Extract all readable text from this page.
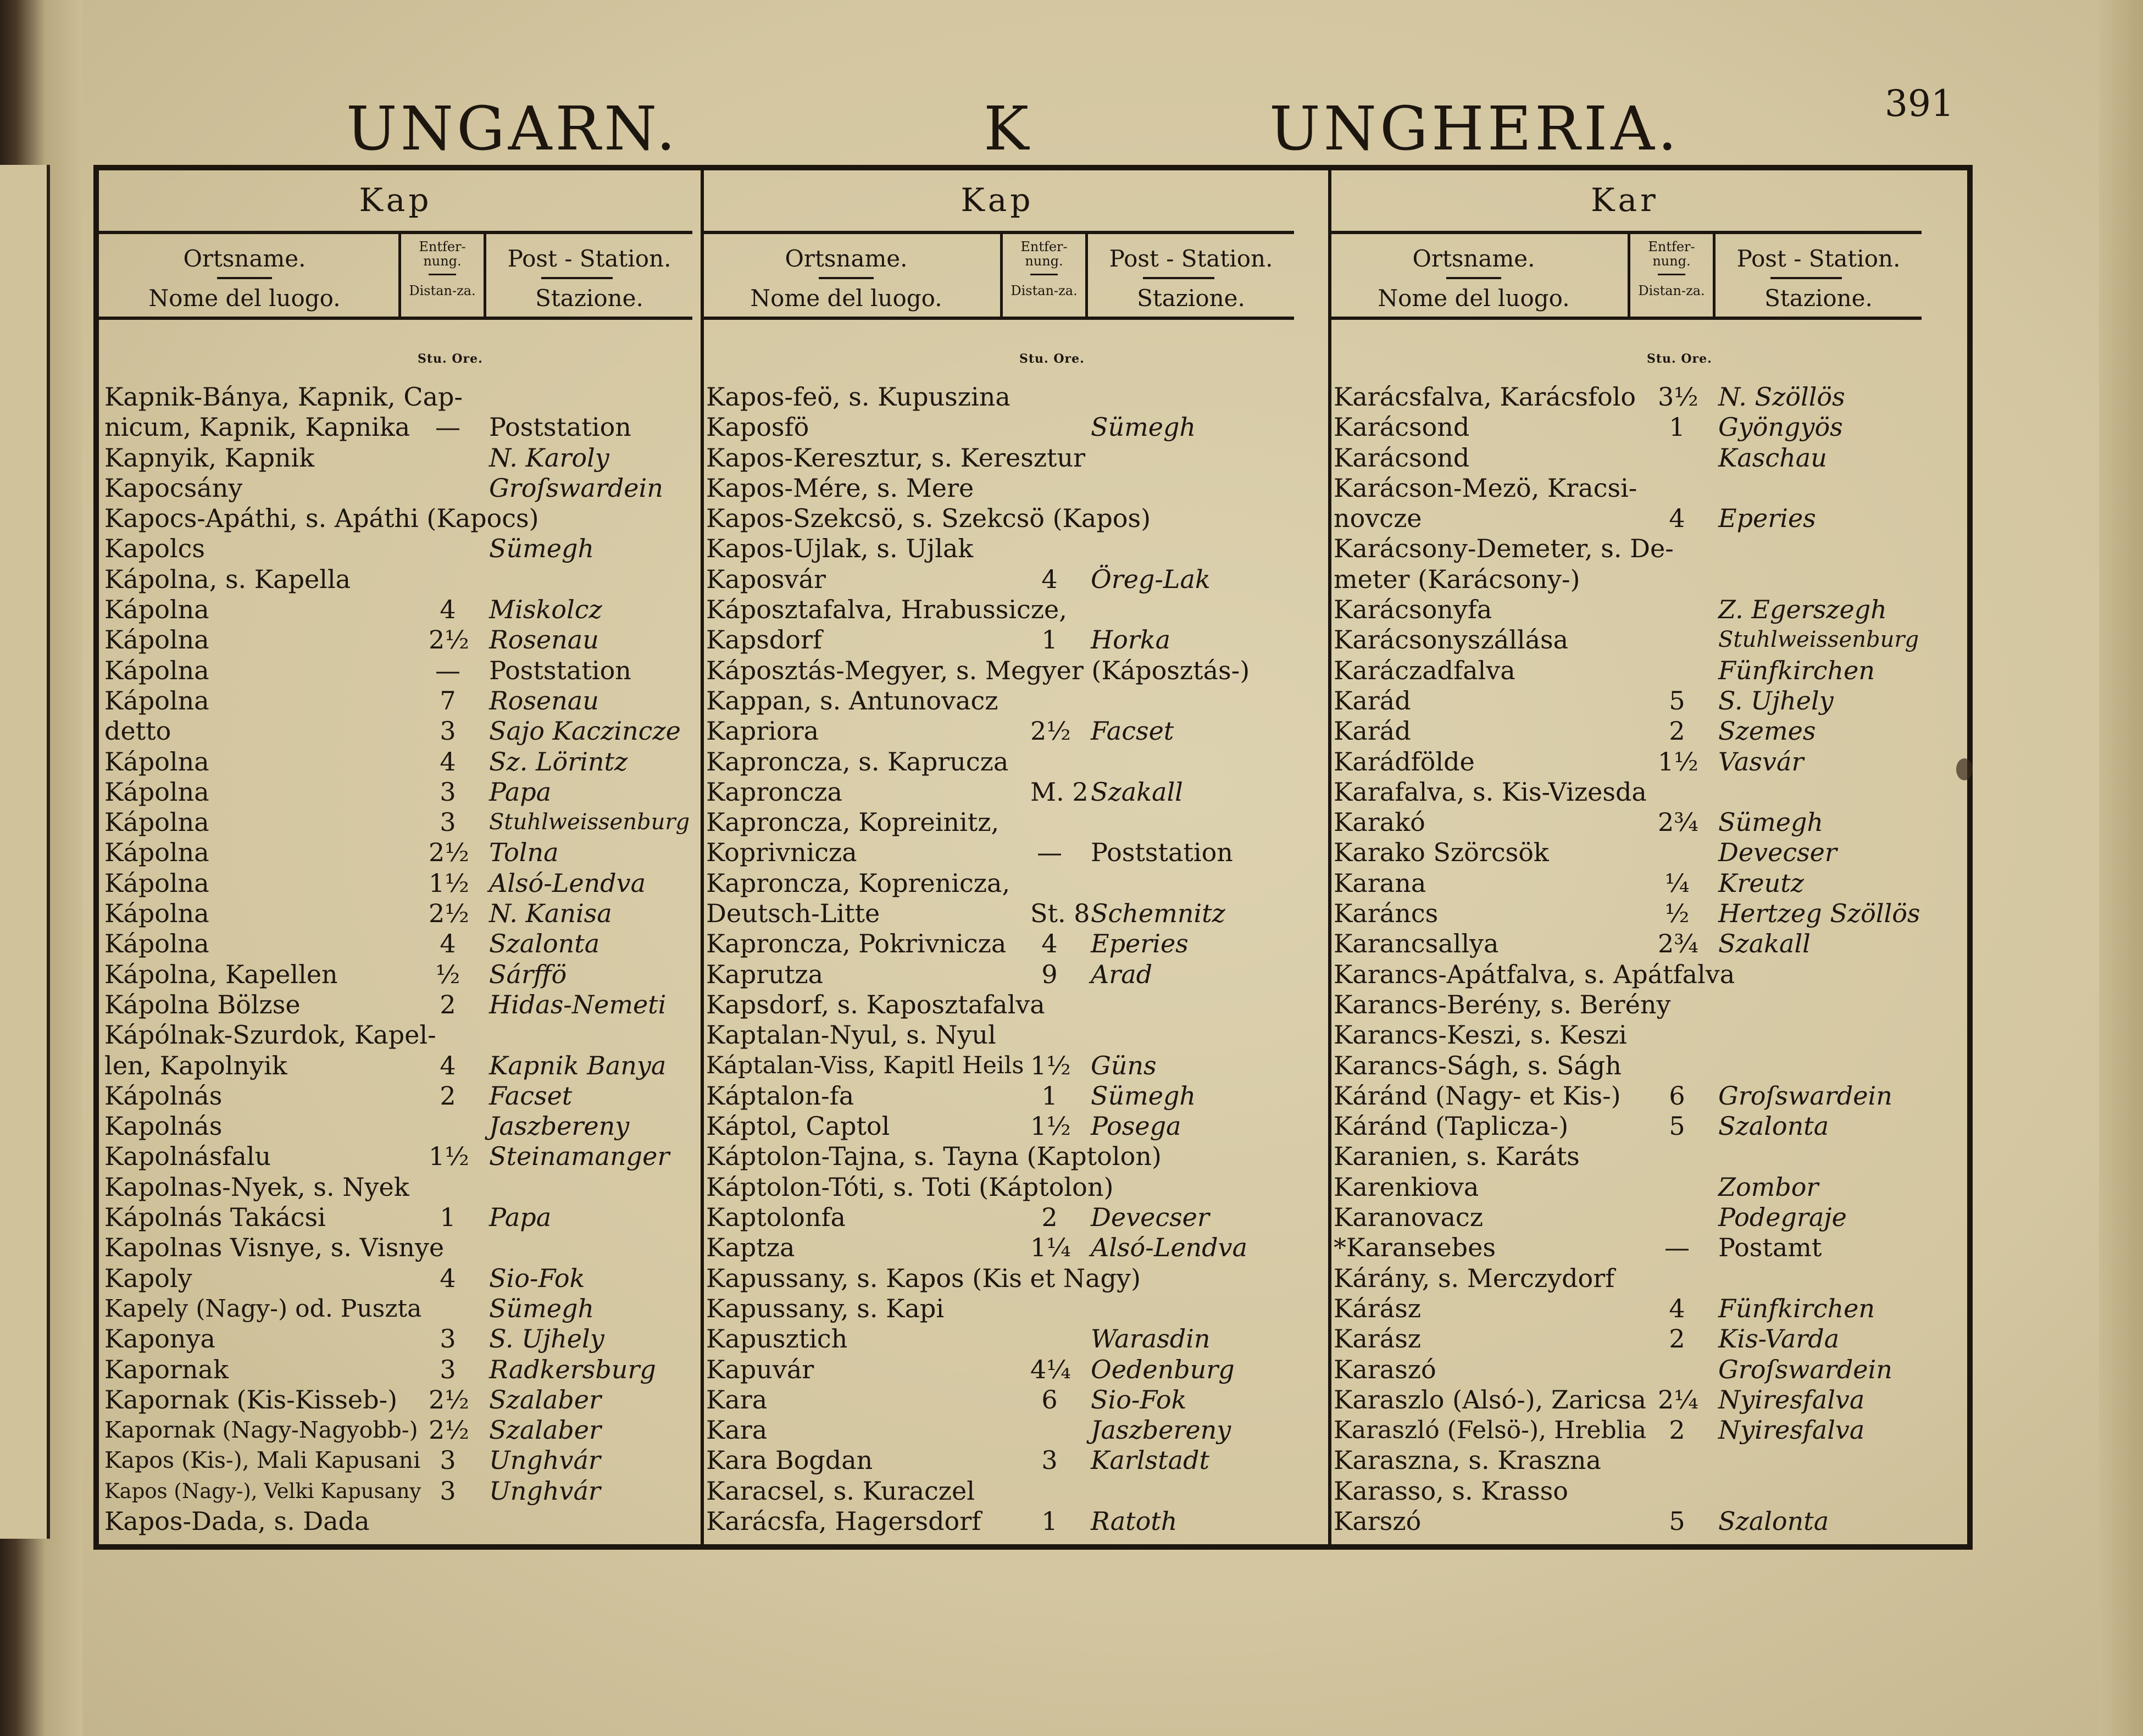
UNGARN.	K	UNGHERIA.	391
Kap
Ortsname.
Nome del luogo.
Entfer-nung.
Distan-za.
Post - Station.
Stazione.
Stu. Ore.
Kapnik-Bánya, Kapnik, Cap-
nicum, Kapnik, Kapnika — Poststation
Kapnyik, Kapnik	N. Karoly
Kapocsány	Groſswardein
Kapocs-Apáthi, s. Apáthi (Kapocs)
Kapolcs	Sümegh
Kápolna, s. Kapella
Kápolna	4	Miskolcz
Kápolna	2½ Rosenau
Kápolna	— Poststation
Kápolna	7	Rosenau
detto	3	Sajo Kaczincze
Kápolna	4	Sz. Lörintz
Kápolna	3	Papa
Kápolna	3	Stuhlweissenburg
Kápolna	2½ Tolna
Kápolna	1½ Alsó-Lendva
Kápolna	2½ N. Kanisa
Kápolna	4	Szalonta
Kápolna, Kapellen	½ Sárffö
Kápolna Bölzse	2	Hidas-Nemeti
Kápólnak-Szurdok, Kapel-
len, Kapolnyik	4	Kapnik Banya
Kápolnás	2	Facset
Kapolnás	Jaszbereny
Kapolnásfalu	1½ Steinamanger
Kapolnas-Nyek, s. Nyek
Kápolnás Takácsi	1	Papa
Kapolnas Visnye, s. Visnye
Kapoly	4	Sio-Fok
Kapely (Nagy-) od. Puszta	Sümegh
Kaponya	3	S. Ujhely
Kapornak	3	Radkersburg
Kapornak (Kis-Kisseb-) 2½ Szalaber
Kapornak (Nagy-Nagyobb-) 2½ Szalaber
Kapos (Kis-), Mali Kapusani 3	Unghvár
Kapos (Nagy-), Velki Kapusany 3	Unghvár
Kapos-Dada, s. Dada
Kap
Ortsname.
Nome del luogo.
Entfer-nung.
Distan-za.
Post - Station.
Stazione.
Stu. Ore.
Kapos-feö, s. Kupuszina
Kaposfö	Sümegh
Kapos-Keresztur, s. Keresztur
Kapos-Mére, s. Mere
Kapos-Szekcsö, s. Szekcsö (Kapos)
Kapos-Ujlak, s. Ujlak
Kaposvár	4	Öreg-Lak
Káposztafalva, Hrabussicze,
Kapsdorf	1	Horka
Káposztás-Megyer, s. Megyer (Káposztás-)
Kappan, s. Antunovacz
Kapriora	2½ Facset
Kaproncza, s. Kaprucza
Kaproncza	M. 2 Szakall
Kaproncza, Kopreinitz,
Koprivnicza	— Poststation
Kaproncza, Koprenicza,
Deutsch-Litte	St. 8 Schemnitz
Kaproncza, Pokrivnicza	4	Eperies
Kaprutza	9	Arad
Kapsdorf, s. Kaposztafalva
Kaptalan-Nyul, s. Nyul
Káptalan-Viss, Kapitl Heils 1½ Güns
Káptalon-fa	1	Sümegh
Káptol, Captol	1½ Posega
Káptolon-Tajna, s. Tayna (Kaptolon)
Káptolon-Tóti, s. Toti (Káptolon)
Kaptolonfa	2	Devecser
Kaptza	1¼ Alsó-Lendva
Kapussany, s. Kapos (Kis et Nagy)
Kapussany, s. Kapi
Kapusztich	Warasdin
Kapuvár	4¼ Oedenburg
Kara	6	Sio-Fok
Kara	Jaszbereny
Kara Bogdan	3	Karlstadt
Karacsel, s. Kuraczel
Karácsfa, Hagersdorf	1	Ratoth
Kar
Ortsname.
Nome del luogo.
Entfer-nung.
Distan-za.
Post - Station.
Stazione.
Stu. Ore.
Karácsfalva, Karácsfolo 3½ N. Szöllös
Karácsond	1	Gyöngyös
Karácsond	Kaschau
Karácson-Mezö, Kracsi-
novcze	4	Eperies
Karácsony-Demeter, s. De-
meter (Karácsony-)
Karácsonyfa	Z. Egerszegh
Karácsonyszállása	Stuhlweissenburg
Karáczadfalva	Fünfkirchen
Karád	5	S. Ujhely
Karád	2	Szemes
Karádfölde	1½ Vasvár
Karafalva, s. Kis-Vizesda
Karakó	2¾ Sümegh
Karako Szörcsök	Devecser
Karana	¼ Kreutz
Karáncs	½ Hertzeg Szöllös
Karancsallya	2¾ Szakall
Karancs-Apátfalva, s. Apátfalva
Karancs-Berény, s. Berény
Karancs-Keszi, s. Keszi
Karancs-Ságh, s. Ságh
Káránd (Nagy- et Kis-)	6	Groſswardein
Káránd (Taplicza-)	5	Szalonta
Karanien, s. Karáts
Karenkiova	Zombor
Karanovacz	Podegraje
*Karansebes	— Postamt
Kárány, s. Merczydorf
Kárász	4	Fünfkirchen
Karász	2	Kis-Varda
Karaszó	Groſswardein
Karaszlo (Alsó-), Zaricsa 2¼ Nyiresfalva
Karaszló (Felsö-), Hreblia 2	Nyiresfalva
Karaszna, s. Kraszna
Karasso, s. Krasso
Karszó	5	Szalonta
